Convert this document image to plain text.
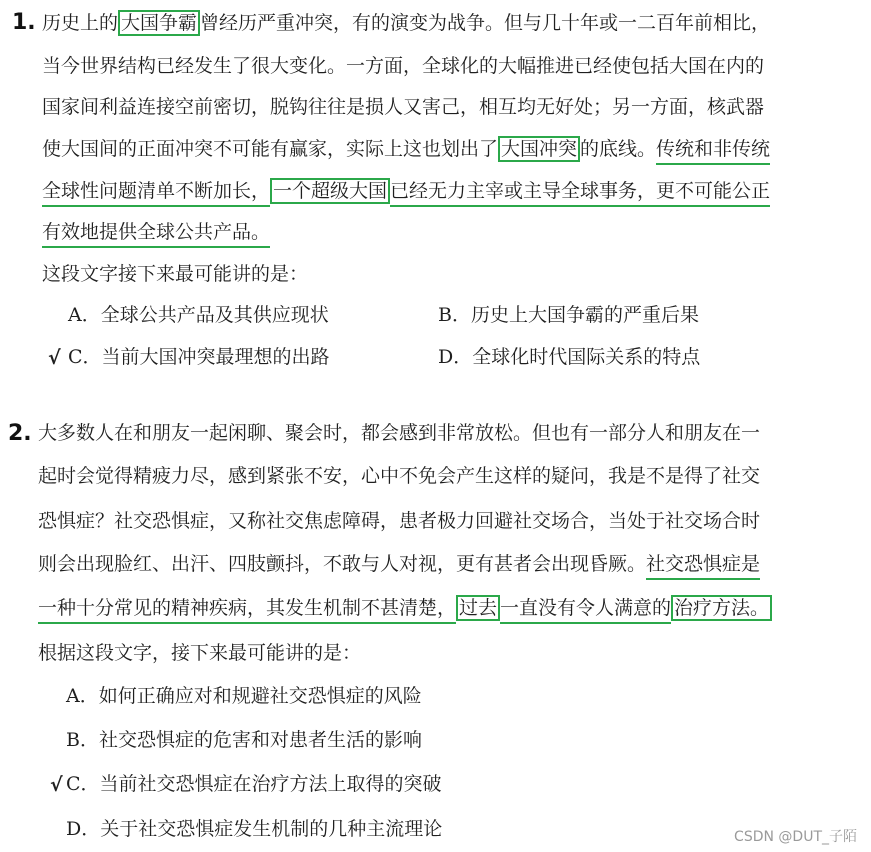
1. 历史上的 大国争霸 曾经历严重冲突，有的演变为战争。但与几十年或一二百年前相比，
当今世界结构已经发生了很大变化。一方面，全球化的大幅推进已经使包括大国在内的
国家间利益连接空前密切，脱钩往往是损人又害己，相互均无好处；另一方面，核武器
使大国间的正面冲突不可能有赢家，实际上这也划出了 大国冲突 的底线。传统和非传统
全球性问题清单不断加长， 一个超级大国 已经无力主宰或主导全球事务，更不可能公正
有效地提供全球公共产品。
这段文字接下来最可能讲的是：
A．全球公共产品及其供应现状	B．历史上大国争霸的严重后果
√ C．当前大国冲突最理想的出路	D．全球化时代国际关系的特点
2. 大多数人在和朋友一起闲聊、聚会时，都会感到非常放松。但也有一部分人和朋友在一
起时会觉得精疲力尽，感到紧张不安，心中不免会产生这样的疑问，我是不是得了社交
恐惧症？社交恐惧症，又称社交焦虑障碍，患者极力回避社交场合，当处于社交场合时
则会出现脸红、出汗、四肢颤抖，不敢与人对视，更有甚者会出现昏厥。社交恐惧症是
一种十分常见的精神疾病，其发生机制不甚清楚， 过去 一直没有令人满意的 治疗方法。
根据这段文字，接下来最可能讲的是：
A．如何正确应对和规避社交恐惧症的风险
B．社交恐惧症的危害和对患者生活的影响
√ C．当前社交恐惧症在治疗方法上取得的突破
D．关于社交恐惧症发生机制的几种主流理论	CSDN @DUT_子陌
